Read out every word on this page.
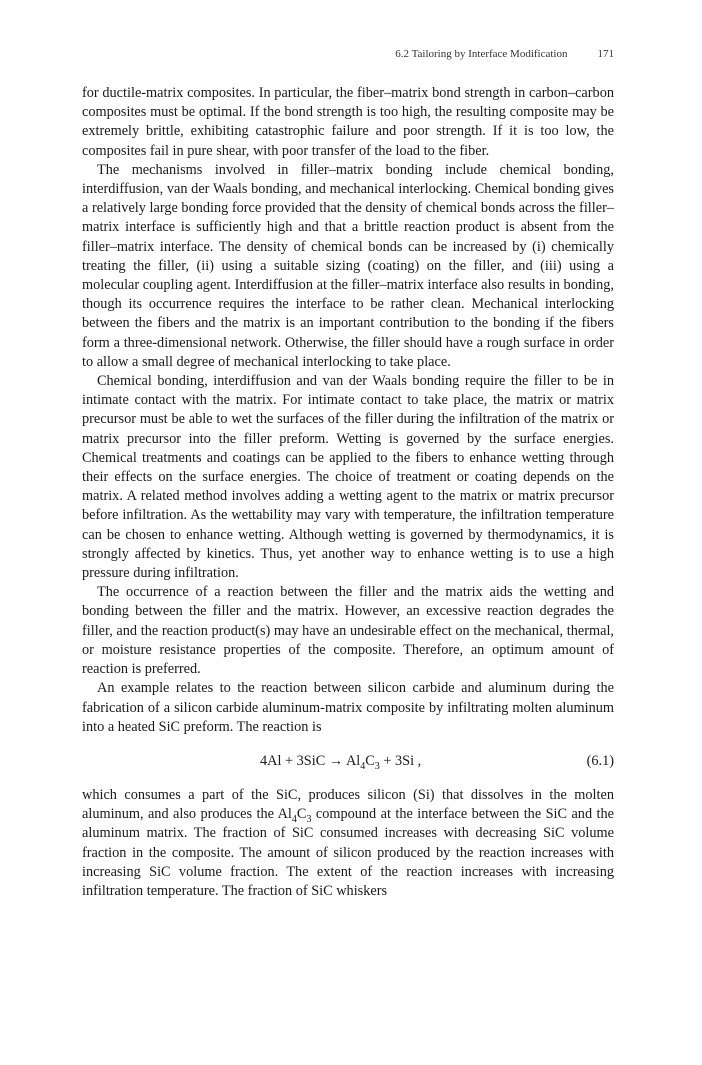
6.2 Tailoring by Interface Modification	171

for ductile-matrix composites. In particular, the fiber–matrix bond strength in carbon–carbon composites must be optimal. If the bond strength is too high, the resulting composite may be extremely brittle, exhibiting catastrophic failure and poor strength. If it is too low, the composites fail in pure shear, with poor transfer of the load to the fiber.

The mechanisms involved in filler–matrix bonding include chemical bonding, interdiffusion, van der Waals bonding, and mechanical interlocking. Chemical bonding gives a relatively large bonding force provided that the density of chemical bonds across the filler–matrix interface is sufficiently high and that a brittle reaction product is absent from the filler–matrix interface. The density of chemical bonds can be increased by (i) chemically treating the filler, (ii) using a suitable sizing (coating) on the filler, and (iii) using a molecular coupling agent. Interdiffusion at the filler–matrix interface also results in bonding, though its occurrence requires the interface to be rather clean. Mechanical interlocking between the fibers and the matrix is an important contribution to the bonding if the fibers form a three-dimensional network. Otherwise, the filler should have a rough surface in order to allow a small degree of mechanical interlocking to take place.

Chemical bonding, interdiffusion and van der Waals bonding require the filler to be in intimate contact with the matrix. For intimate contact to take place, the matrix or matrix precursor must be able to wet the surfaces of the filler during the infiltration of the matrix or matrix precursor into the filler preform. Wetting is governed by the surface energies. Chemical treatments and coatings can be applied to the fibers to enhance wetting through their effects on the surface energies. The choice of treatment or coating depends on the matrix. A related method involves adding a wetting agent to the matrix or matrix precursor before infiltration. As the wettability may vary with temperature, the infiltration temperature can be chosen to enhance wetting. Although wetting is governed by thermodynamics, it is strongly affected by kinetics. Thus, yet another way to enhance wetting is to use a high pressure during infiltration.

The occurrence of a reaction between the filler and the matrix aids the wetting and bonding between the filler and the matrix. However, an excessive reaction degrades the filler, and the reaction product(s) may have an undesirable effect on the mechanical, thermal, or moisture resistance properties of the composite. Therefore, an optimum amount of reaction is preferred.

An example relates to the reaction between silicon carbide and aluminum during the fabrication of a silicon carbide aluminum-matrix composite by infiltrating molten aluminum into a heated SiC preform. The reaction is

$4Al + 3SiC \to Al_4C_3 + 3Si$ ,	(6.1)

which consumes a part of the SiC, produces silicon (Si) that dissolves in the molten aluminum, and also produces the $Al_4C_3$ compound at the interface between the SiC and the aluminum matrix. The fraction of SiC consumed increases with decreasing SiC volume fraction in the composite. The amount of silicon produced by the reaction increases with increasing SiC volume fraction. The extent of the reaction increases with increasing infiltration temperature. The fraction of SiC whiskers
